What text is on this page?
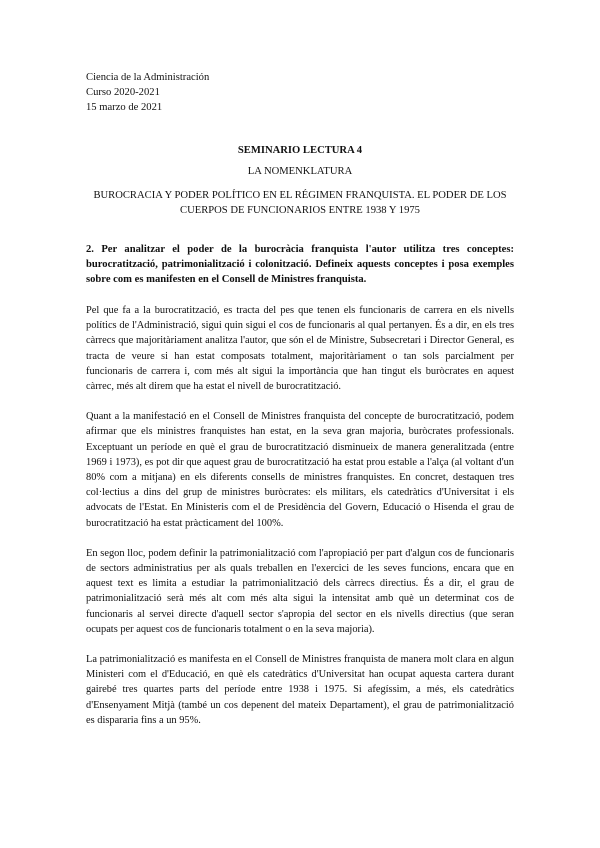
Ciencia de la Administración
Curso 2020-2021
15 marzo de 2021
SEMINARIO LECTURA 4
LA NOMENKLATURA
BUROCRACIA Y PODER POLÍTICO EN EL RÉGIMEN FRANQUISTA. EL PODER DE LOS CUERPOS DE FUNCIONARIOS ENTRE 1938 Y 1975
2. Per analitzar el poder de la burocràcia franquista l'autor utilitza tres conceptes: burocratització, patrimonialització i colonització. Defineix aquests conceptes i posa exemples sobre com es manifesten en el Consell de Ministres franquista.

Pel que fa a la burocratització, es tracta del pes que tenen els funcionaris de carrera en els nivells polítics de l'Administració, sigui quin sigui el cos de funcionaris al qual pertanyen. És a dir, en els tres càrrecs que majoritàriament analitza l'autor, que són el de Ministre, Subsecretari i Director General, es tracta de veure si han estat composats totalment, majoritàriament o tan sols parcialment per funcionaris de carrera i, com més alt sigui la importància que han tingut els buròcrates en aquest càrrec, més alt direm que ha estat el nivell de burocratització.

Quant a la manifestació en el Consell de Ministres franquista del concepte de burocratització, podem afirmar que els ministres franquistes han estat, en la seva gran majoria, buròcrates professionals. Exceptuant un període en què el grau de burocratització disminueix de manera generalitzada (entre 1969 i 1973), es pot dir que aquest grau de burocratització ha estat prou estable a l'alça (al voltant d'un 80% com a mitjana) en els diferents consells de ministres franquistes. En concret, destaquen tres col·lectius a dins del grup de ministres buròcrates: els militars, els catedràtics d'Universitat i els advocats de l'Estat. En Ministeris com el de Presidència del Govern, Educació o Hisenda el grau de burocratització ha estat pràcticament del 100%.

En segon lloc, podem definir la patrimonialització com l'apropiació per part d'algun cos de funcionaris de sectors administratius per als quals treballen en l'exercici de les seves funcions, encara que en aquest text es limita a estudiar la patrimonialització dels càrrecs directius. És a dir, el grau de patrimonialització serà més alt com més alta sigui la intensitat amb què un determinat cos de funcionaris al servei directe d'aquell sector s'apropia del sector en els nivells directius (que seran ocupats per aquest cos de funcionaris totalment o en la seva majoria).

La patrimonialització es manifesta en el Consell de Ministres franquista de manera molt clara en algun Ministeri com el d'Educació, en què els catedràtics d'Universitat han ocupat aquesta cartera durant gairebé tres quartes parts del període entre 1938 i 1975. Si afegíssim, a més, els catedràtics d'Ensenyament Mitjà (també un cos depenent del mateix Departament), el grau de patrimonialització es dispararia fins a un 95%.
